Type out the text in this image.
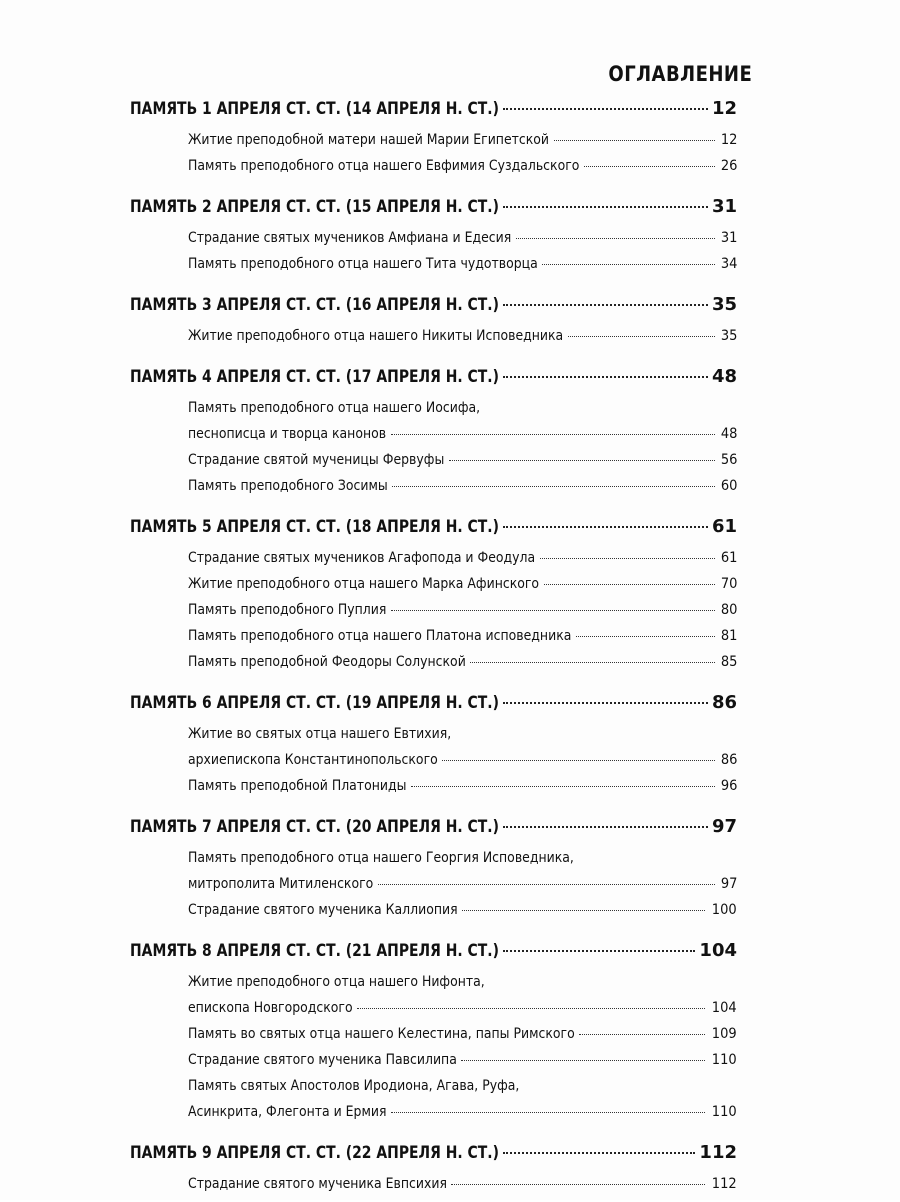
ОГЛАВЛЕНИЕ
ПАМЯТЬ 1 АПРЕЛЯ СТ. СТ. (14 АПРЕЛЯ Н. СТ.)	12
Житие преподобной матери нашей Марии Египетской	12
Память преподобного отца нашего Евфимия Суздальского	26
ПАМЯТЬ 2 АПРЕЛЯ СТ. СТ. (15 АПРЕЛЯ Н. СТ.)	31
Страдание святых мучеников Амфиана и Едесия	31
Память преподобного отца нашего Тита чудотворца	34
ПАМЯТЬ 3 АПРЕЛЯ СТ. СТ. (16 АПРЕЛЯ Н. СТ.)	35
Житие преподобного отца нашего Никиты Исповедника	35
ПАМЯТЬ 4 АПРЕЛЯ СТ. СТ. (17 АПРЕЛЯ Н. СТ.)	48
Память преподобного отца нашего Иосифа,
песнописца и творца канонов	48
Страдание святой мученицы Фервуфы	56
Память преподобного Зосимы	60
ПАМЯТЬ 5 АПРЕЛЯ СТ. СТ. (18 АПРЕЛЯ Н. СТ.)	61
Страдание святых мучеников Агафопода и Феодула	61
Житие преподобного отца нашего Марка Афинского	70
Память преподобного Пуплия	80
Память преподобного отца нашего Платона исповедника	81
Память преподобной Феодоры Солунской	85
ПАМЯТЬ 6 АПРЕЛЯ СТ. СТ. (19 АПРЕЛЯ Н. СТ.)	86
Житие во святых отца нашего Евтихия,
архиепископа Константинопольского	86
Память преподобной Платониды	96
ПАМЯТЬ 7 АПРЕЛЯ СТ. СТ. (20 АПРЕЛЯ Н. СТ.)	97
Память преподобного отца нашего Георгия Исповедника,
митрополита Митиленского	97
Страдание святого мученика Каллиопия	100
ПАМЯТЬ 8 АПРЕЛЯ СТ. СТ. (21 АПРЕЛЯ Н. СТ.)	104
Житие преподобного отца нашего Нифонта,
епископа Новгородского	104
Память во святых отца нашего Келестина, папы Римского	109
Страдание святого мученика Павсилипа	110
Память святых Апостолов Иродиона, Агава, Руфа,
Асинкрита, Флегонта и Ермия	110
ПАМЯТЬ 9 АПРЕЛЯ СТ. СТ. (22 АПРЕЛЯ Н. СТ.)	112
Страдание святого мученика Евпсихия	112
